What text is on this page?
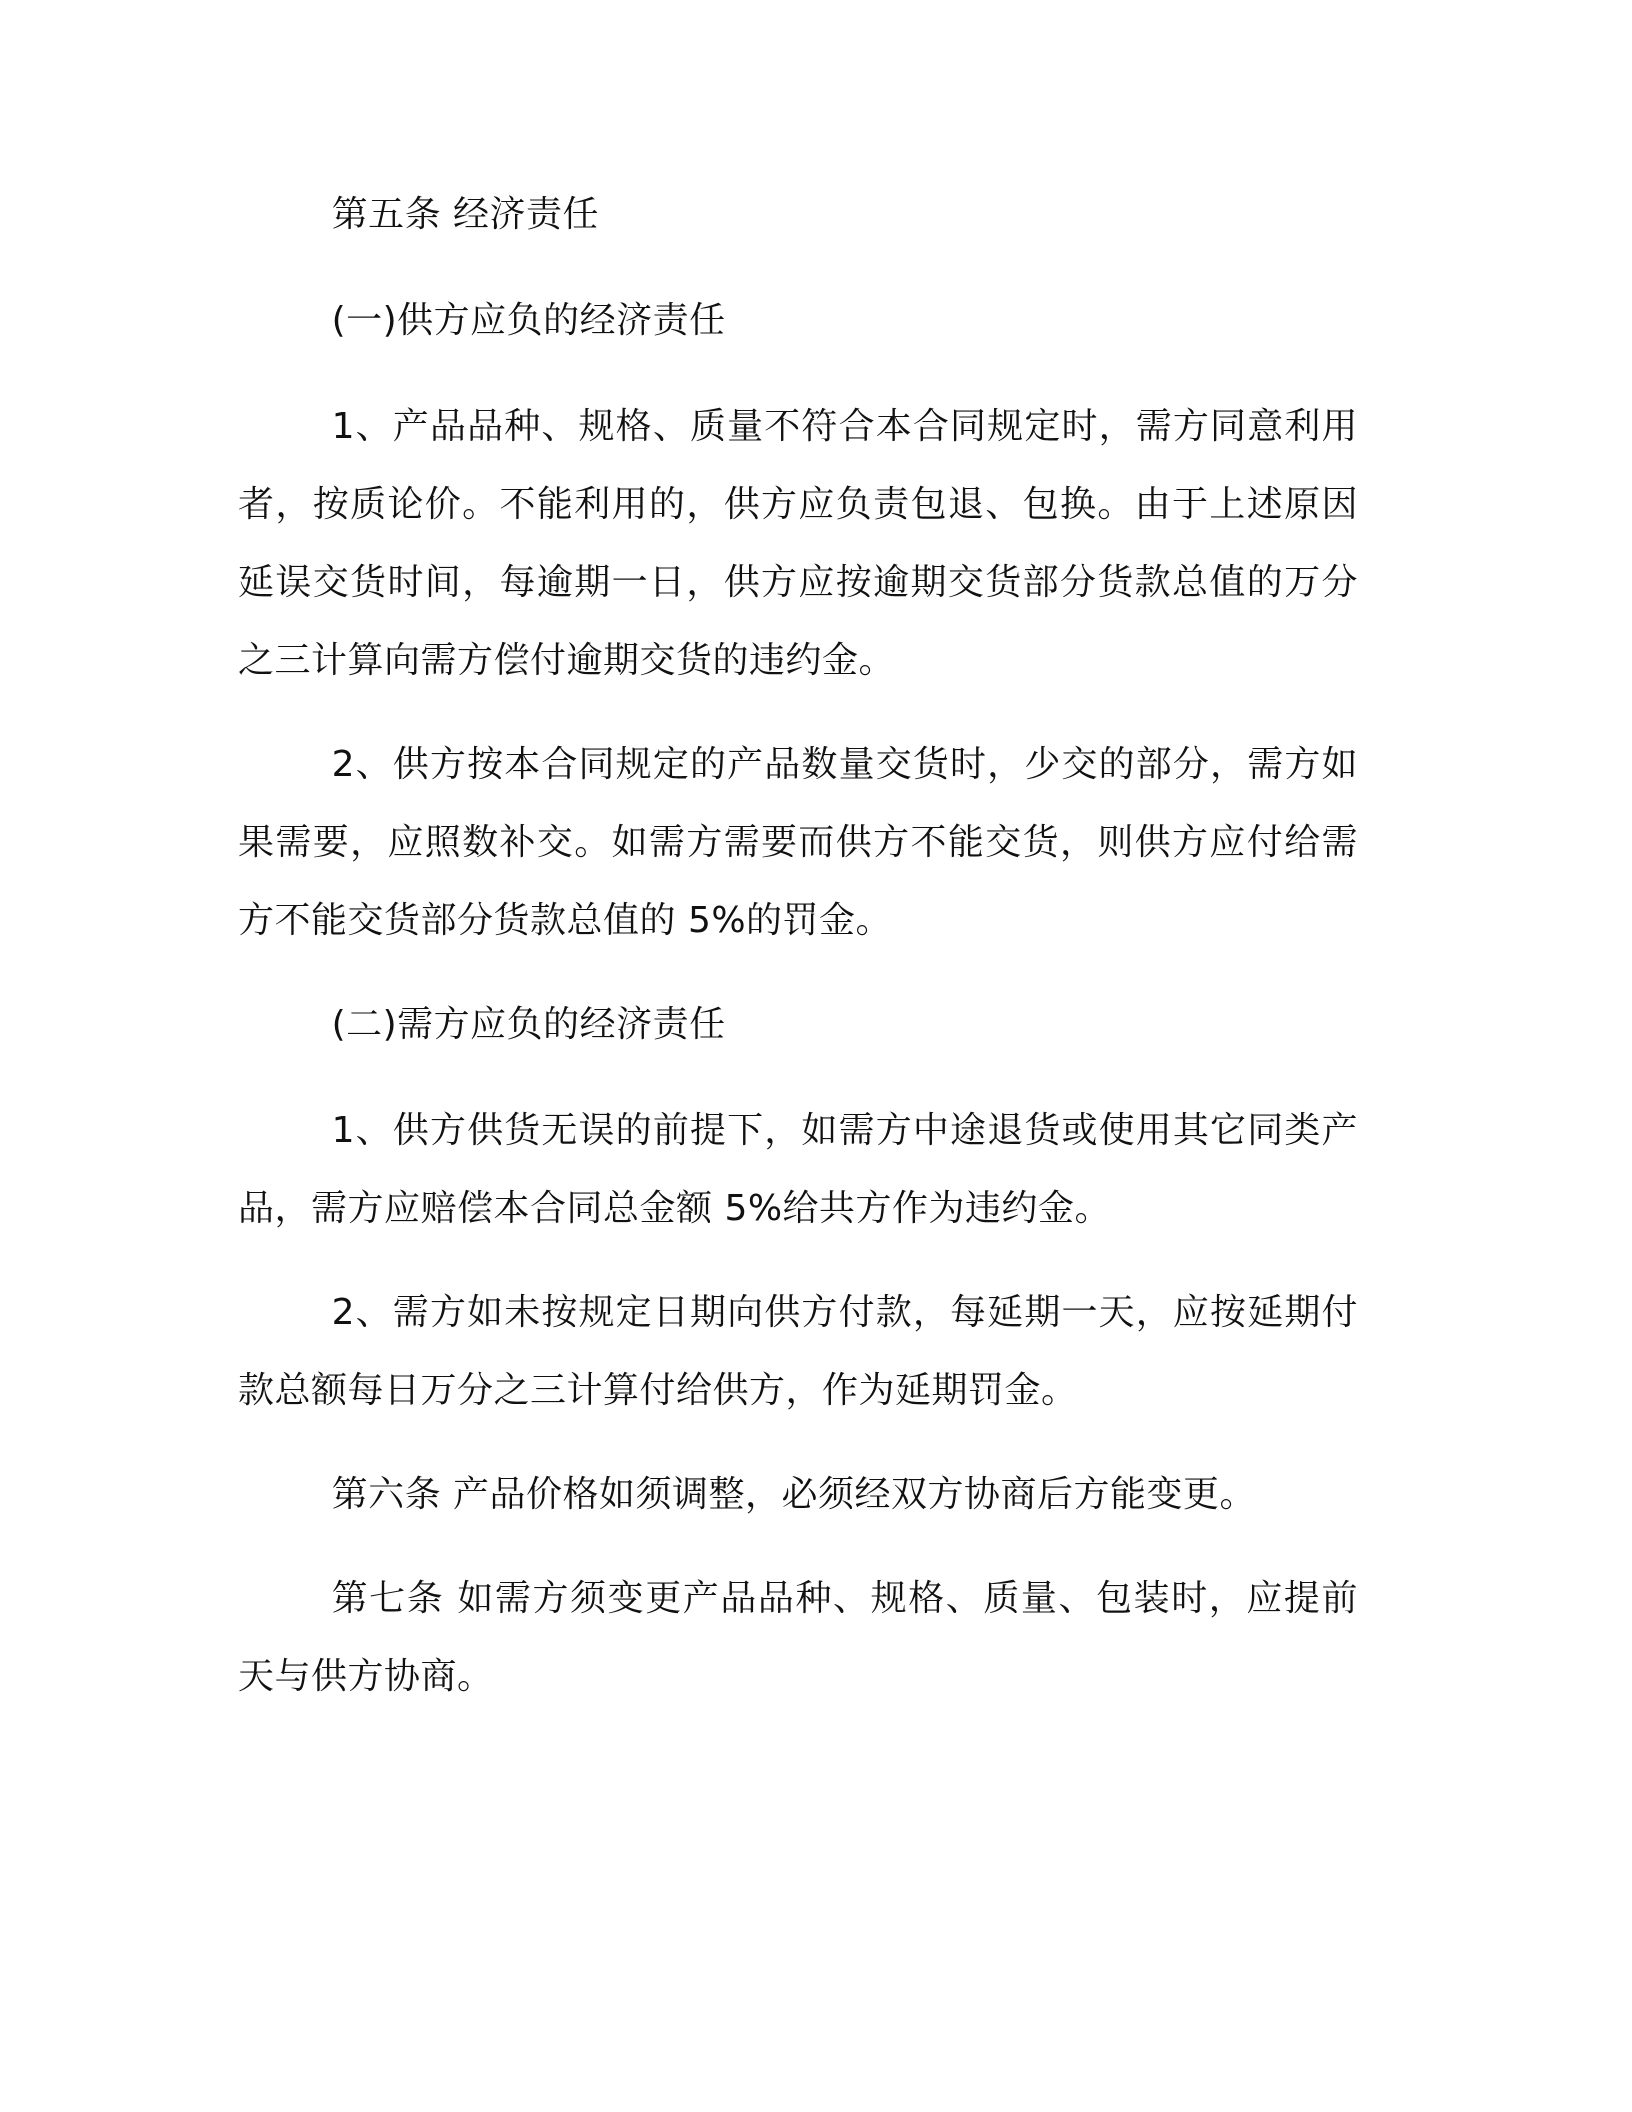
第五条 经济责任

(一)供方应负的经济责任

1、产品品种、规格、质量不符合本合同规定时，需方同意利用者，按质论价。不能利用的，供方应负责包退、包换。由于上述原因延误交货时间，每逾期一日，供方应按逾期交货部分货款总值的万分之三计算向需方偿付逾期交货的违约金。

2、供方按本合同规定的产品数量交货时，少交的部分，需方如果需要，应照数补交。如需方需要而供方不能交货，则供方应付给需方不能交货部分货款总值的 5%的罚金。

(二)需方应负的经济责任

1、供方供货无误的前提下，如需方中途退货或使用其它同类产品，需方应赔偿本合同总金额 5%给共方作为违约金。

2、需方如未按规定日期向供方付款，每延期一天，应按延期付款总额每日万分之三计算付给供方，作为延期罚金。

第六条 产品价格如须调整，必须经双方协商后方能变更。

第七条 如需方须变更产品品种、规格、质量、包装时，应提前天与供方协商。
